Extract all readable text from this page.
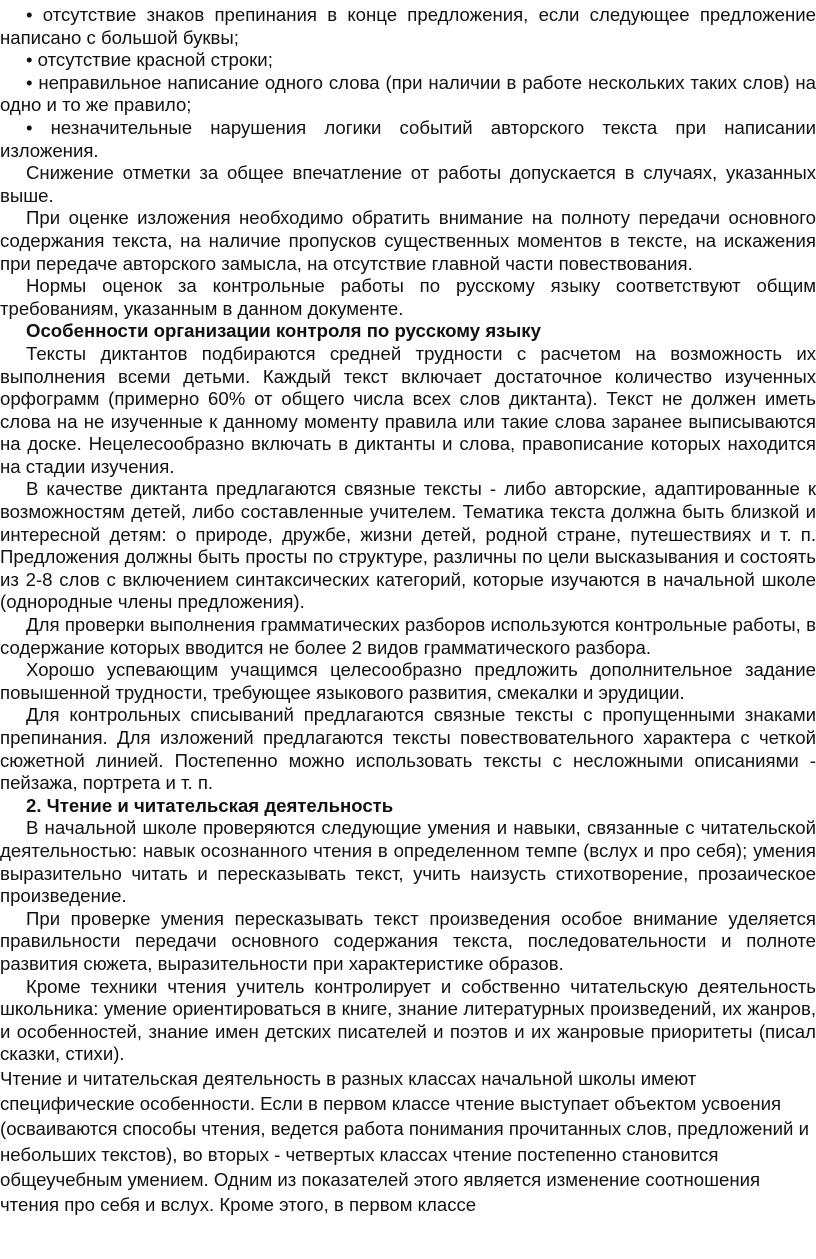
• отсутствие знаков препинания в конце предложения, если следующее предложение написано с большой буквы;

• отсутствие красной строки;

• неправильное написание одного слова (при наличии в работе нескольких таких слов) на одно и то же правило;

• незначительные нарушения логики событий авторского текста при написании изложения.

Снижение отметки за общее впечатление от работы допускается в случаях, указанных выше.

При оценке изложения необходимо обратить внимание на полноту передачи основного содержания текста, на наличие пропусков существенных моментов в тексте, на искажения при передаче авторского замысла, на отсутствие главной части повествования.

Нормы оценок за контрольные работы по русскому языку соответствуют общим требованиям, указанным в данном документе.

Особенности организации контроля по русскому языку

Тексты диктантов подбираются средней трудности с расчетом на возможность их выполнения всеми детьми. Каждый текст включает достаточное количество изученных орфограмм (примерно 60% от общего числа всех слов диктанта). Текст не должен иметь слова на не изученные к данному моменту правила или такие слова заранее выписываются на доске. Нецелесообразно включать в диктанты и слова, правописание которых находится на стадии изучения.

В качестве диктанта предлагаются связные тексты - либо авторские, адаптированные к возможностям детей, либо составленные учителем. Тематика текста должна быть близкой и интересной детям: о природе, дружбе, жизни детей, родной стране, путешествиях и т. п. Предложения должны быть просты по структуре, различны по цели высказывания и состоять из 2-8 слов с включением синтаксических категорий, которые изучаются в начальной школе (однородные члены предложения).

Для проверки выполнения грамматических разборов используются контрольные работы, в содержание которых вводится не более 2 видов грамматического разбора.

Хорошо успевающим учащимся целесообразно предложить дополнительное задание повышенной трудности, требующее языкового развития, смекалки и эрудиции.

Для контрольных списываний предлагаются связные тексты с пропущенными знаками препинания. Для изложений предлагаются тексты повествовательного характера с четкой сюжетной линией. Постепенно можно использовать тексты с несложными описаниями - пейзажа, портрета и т. п.

2. Чтение и читательская деятельность

В начальной школе проверяются следующие умения и навыки, связанные с читательской деятельностью: навык осознанного чтения в определенном темпе (вслух и про себя); умения выразительно читать и пересказывать текст, учить наизусть стихотворение, прозаическое произведение.

При проверке умения пересказывать текст произведения особое внимание уделяется правильности передачи основного содержания текста, последовательности и полноте развития сюжета, выразительности при характеристике образов.

Кроме техники чтения учитель контролирует и собственно читательскую деятельность школьника: умение ориентироваться в книге, знание литературных произведений, их жанров, и особенностей, знание имен детских писателей и поэтов и их жанровые приоритеты (писал сказки, стихи).

Чтение и читательская деятельность в разных классах начальной школы имеют специфические особенности. Если в первом классе чтение выступает объектом усвоения (осваиваются способы чтения, ведется работа понимания прочитанных слов, предложений и небольших текстов), во вторых - четвертых классах чтение постепенно становится общеучебным умением. Одним из показателей этого является изменение соотношения чтения про себя и вслух. Кроме этого, в первом классе
